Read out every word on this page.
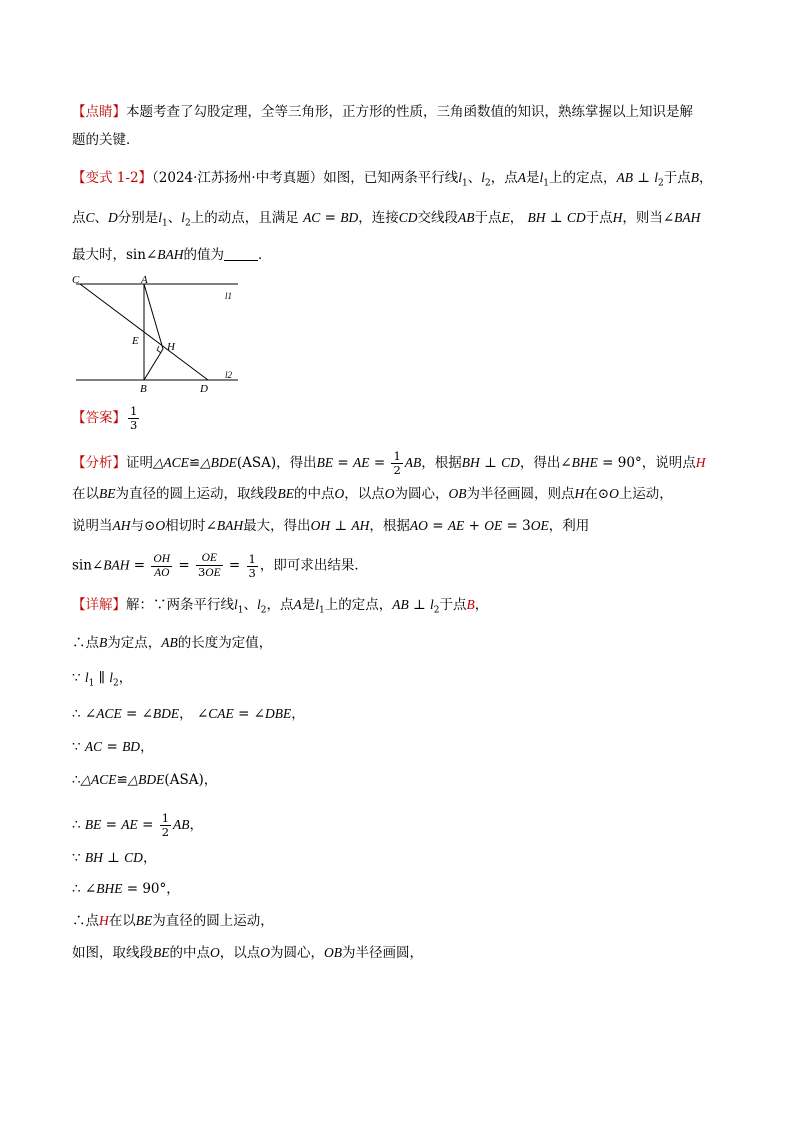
【点睛】本题考查了勾股定理，全等三角形，正方形的性质，三角函数值的知识，熟练掌握以上知识是解
题的关键．
【变式 1-2】（2024·江苏扬州·中考真题）如图，已知两条平行线$l_1$、$l_2$，点A是$l_1$上的定点，AB ⊥ $l_2$于点B，
点C、D分别是$l_1$、$l_2$上的动点，且满足 AC = BD，连接CD交线段AB于点E， BH ⊥ CD于点H，则当∠BAH
最大时，sin∠BAH的值为	．
C	A
l1
E	H
B	D
l2
【答案】 $\frac{1}{3}$
【分析】证明△ACE≌△BDE(ASA)，得出BE = AE = $\frac{1}{2}$ AB，根据BH ⊥ CD，得出∠BHE = 90°，说明点H
在以BE为直径的圆上运动，取线段BE的中点O，以点O为圆心，OB为半径画圆，则点H在⊙O上运动，
说明当AH与⊙O相切时∠BAH最大，得出OH ⊥ AH，根据AO = AE + OE = 3OE，利用
sin∠BAH = $\frac{OH}{AO} = \frac{OE}{3OE} = \frac{1}{3}$ ，即可求出结果．
【详解】解：∵两条平行线$l_1$、$l_2$，点A是$l_1$上的定点，AB ⊥ $l_2$于点B，
∴点B为定点，AB的长度为定值，
∵ $l_1$ ∥ $l_2$，
∴ ∠ACE = ∠BDE， ∠CAE = ∠DBE，
∵ AC = BD，
∴△ACE≌△BDE(ASA)，
∴ BE = AE = $\frac{1}{2}$ AB，
∵ BH ⊥ CD，
∴ ∠BHE = 90°，
∴点H在以BE为直径的圆上运动，
如图，取线段BE的中点O，以点O为圆心，OB为半径画圆，
